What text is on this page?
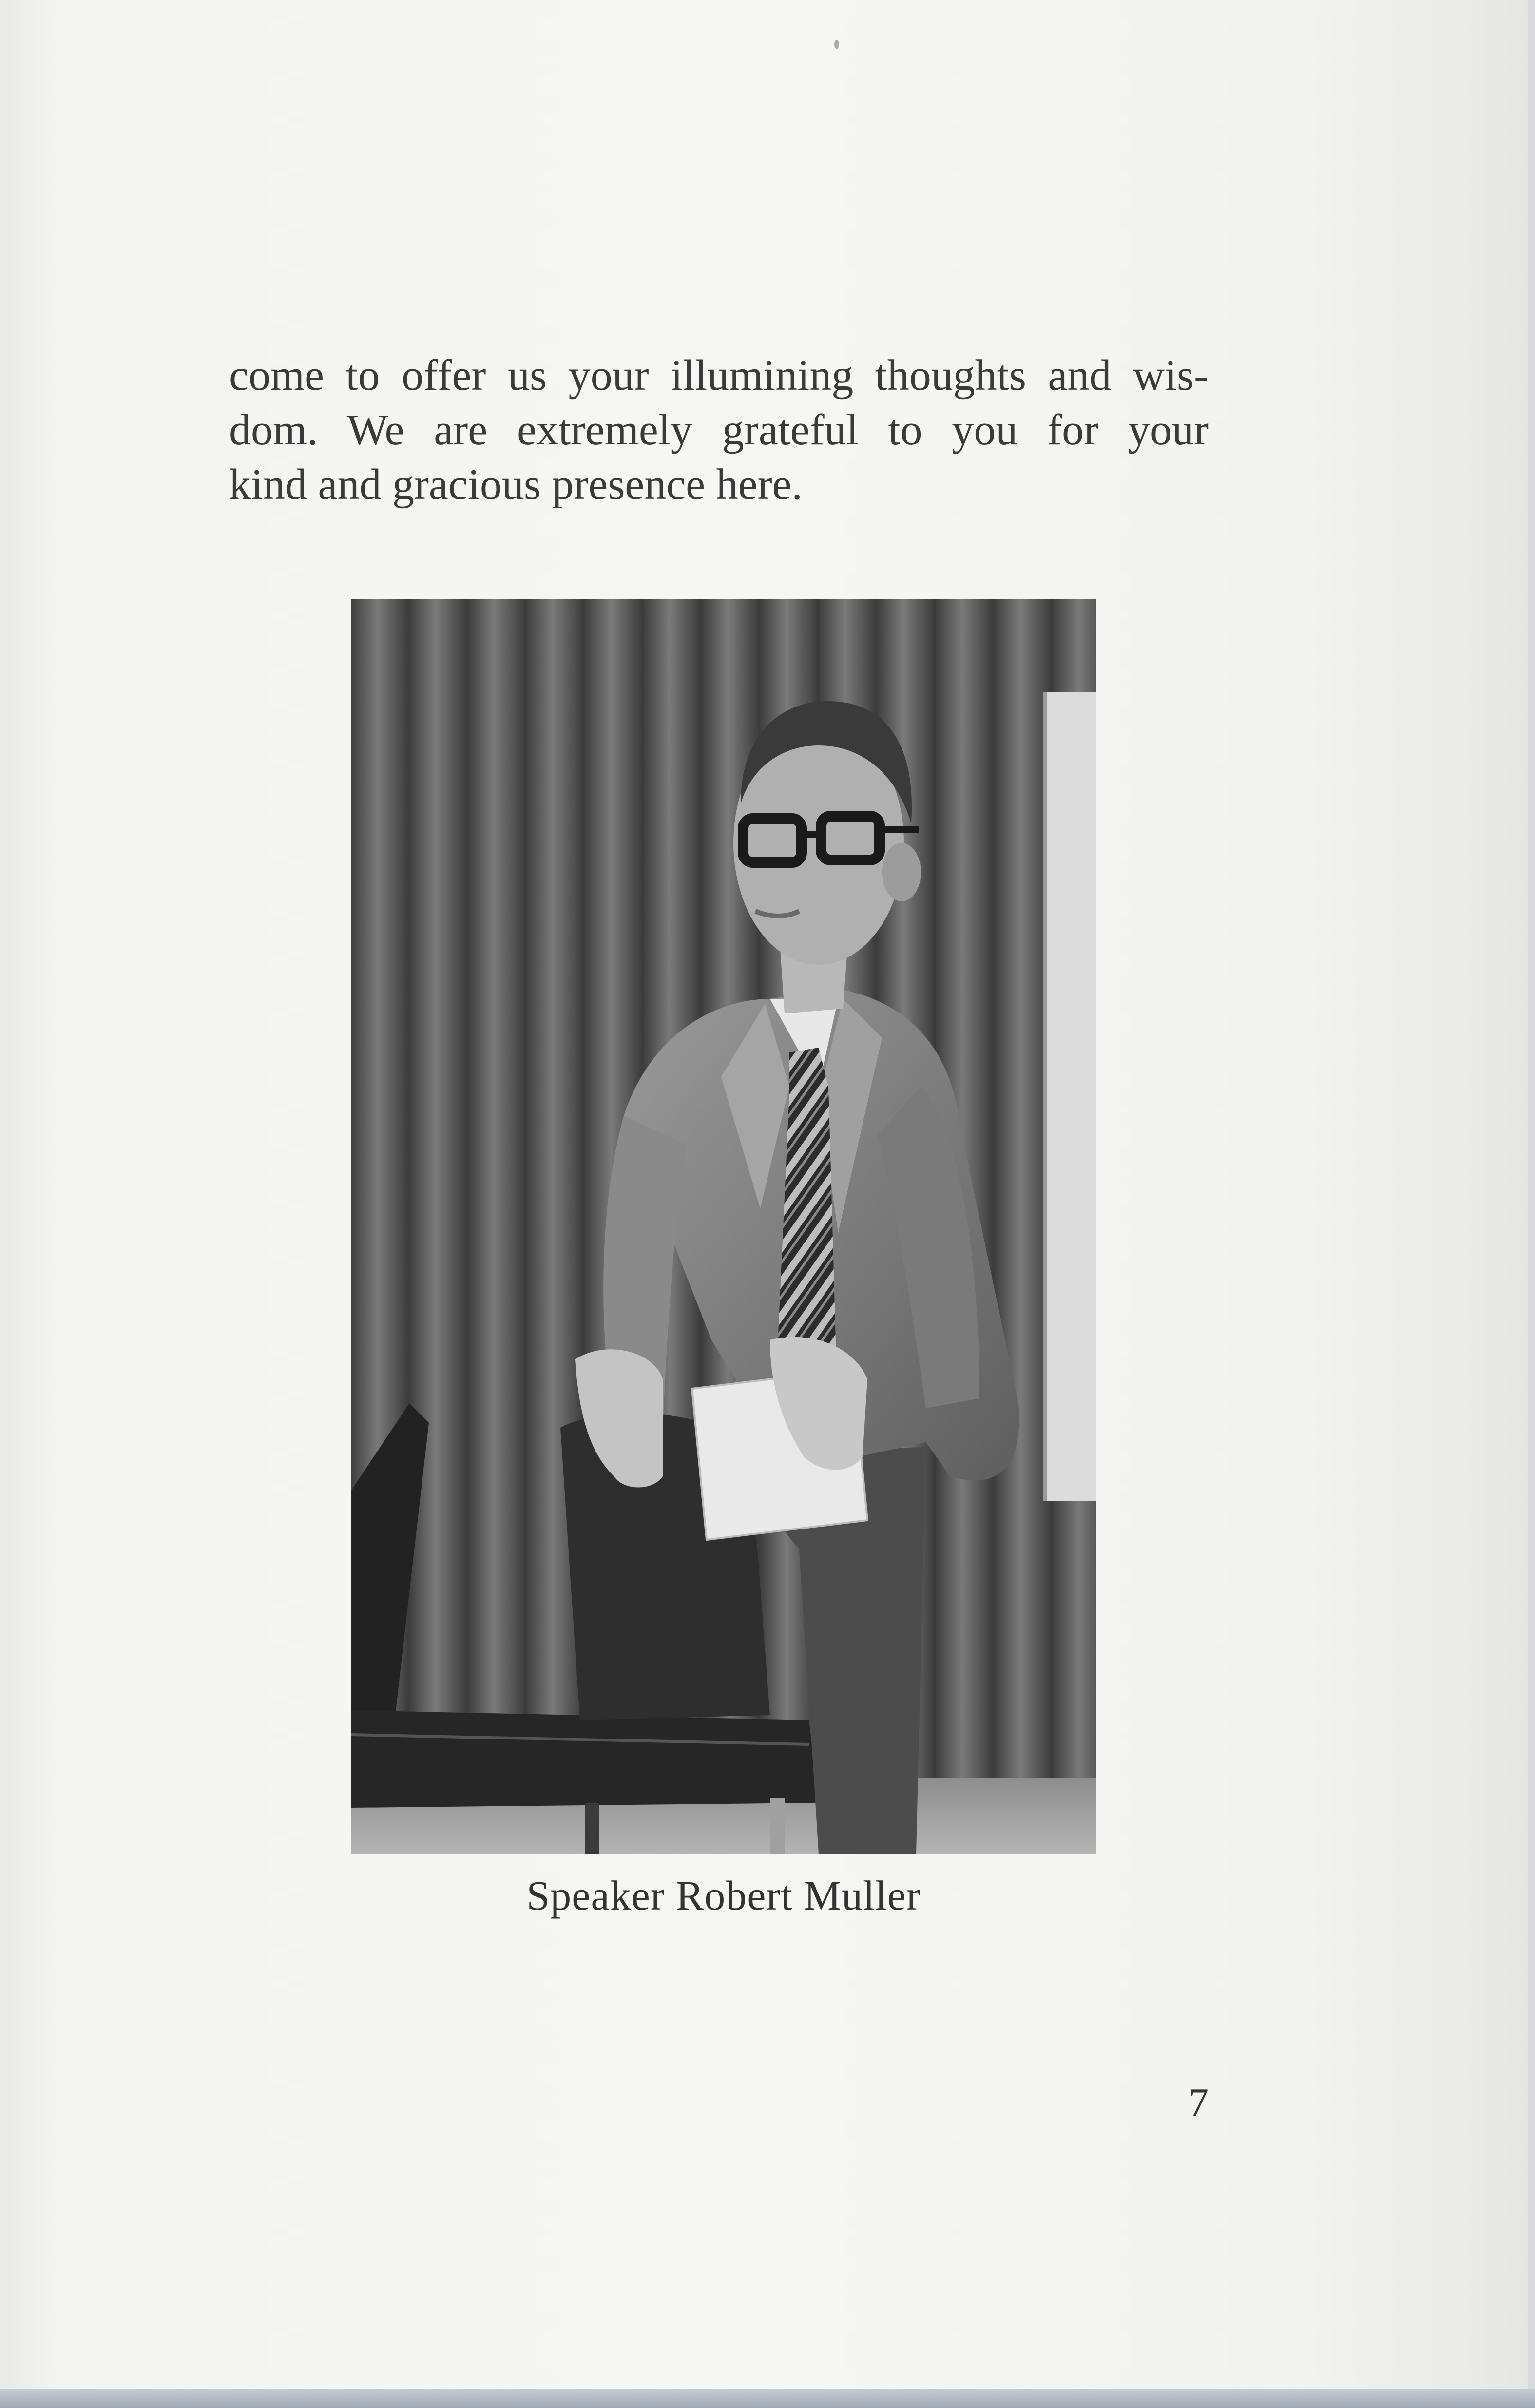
come to offer us your illumining thoughts and wis-
dom. We are extremely grateful to you for your
kind and gracious presence here.

Speaker Robert Muller
7
